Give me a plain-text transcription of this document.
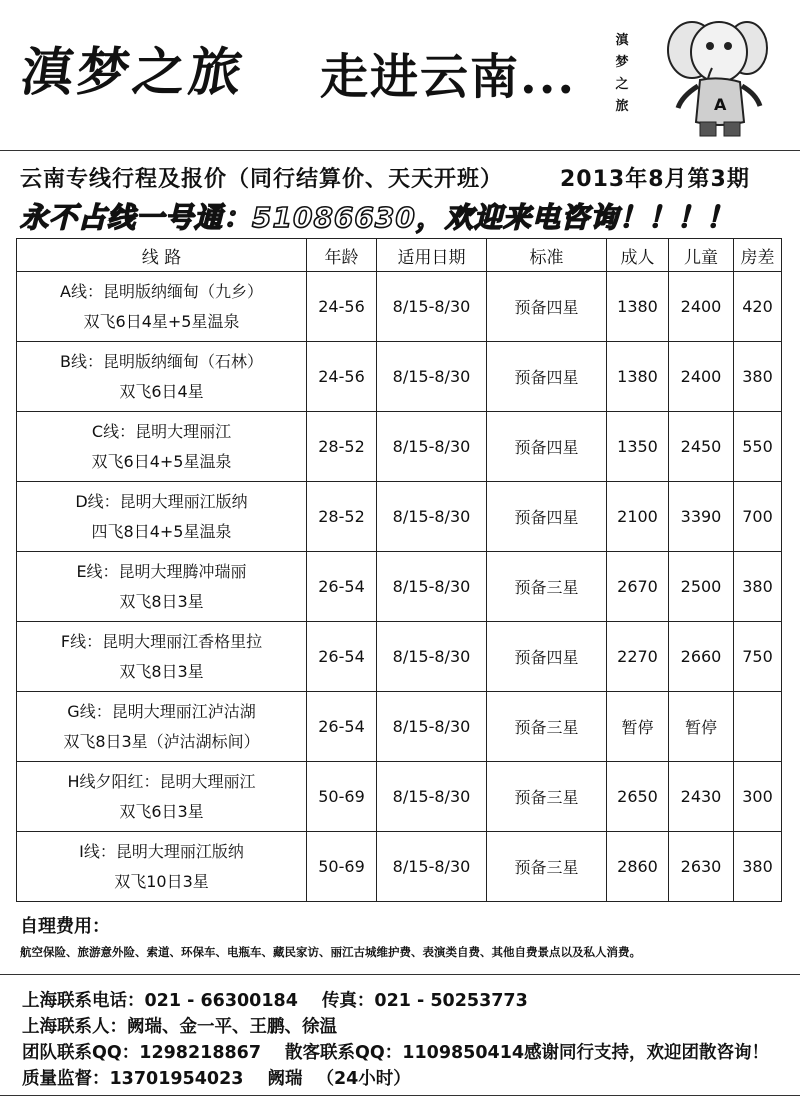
滇梦之旅 走进云南...
滇
梦
之
旅	A
云南专线行程及报价（同行结算价、天天开班）	2013年8月第3期
永不占线一号通：51086630，欢迎来电咨询！！！！
线 路	年龄	适用日期	标准	成人	儿童	房差

A线：昆明版纳缅甸（九乡）
双飞6日4星+5星温泉	24-56	8/15-8/30	预备四星	1380	2400	420

B线：昆明版纳缅甸（石林）
双飞6日4星	24-56	8/15-8/30	预备四星	1380	2400	380

C线：昆明大理丽江
双飞6日4+5星温泉	28-52	8/15-8/30	预备四星	1350	2450	550

D线：昆明大理丽江版纳
四飞8日4+5星温泉	28-52	8/15-8/30	预备四星	2100	3390	700

E线：昆明大理腾冲瑞丽
双飞8日3星	26-54	8/15-8/30	预备三星	2670	2500	380

F线：昆明大理丽江香格里拉
双飞8日3星	26-54	8/15-8/30	预备四星	2270	2660	750

G线：昆明大理丽江泸沽湖
双飞8日3星（泸沽湖标间）	26-54	8/15-8/30	预备三星	暂停	暂停	

H线夕阳红：昆明大理丽江
双飞6日3星	50-69	8/15-8/30	预备三星	2650	2430	300

I线：昆明大理丽江版纳
双飞10日3星	50-69	8/15-8/30	预备三星	2860	2630	380
自理费用：
航空保险、旅游意外险、索道、环保车、电瓶车、藏民家访、丽江古城维护费、表演类自费、其他自费景点以及私人消费。
上海联系电话：021 - 66300184 传真：021 - 50253773
上海联系人：阙瑞、金一平、王鹏、徐温
团队联系QQ：1298218867 散客联系QQ：1109850414感谢同行支持，欢迎团散咨询！
质量监督：13701954023 阙瑞 （24小时）
